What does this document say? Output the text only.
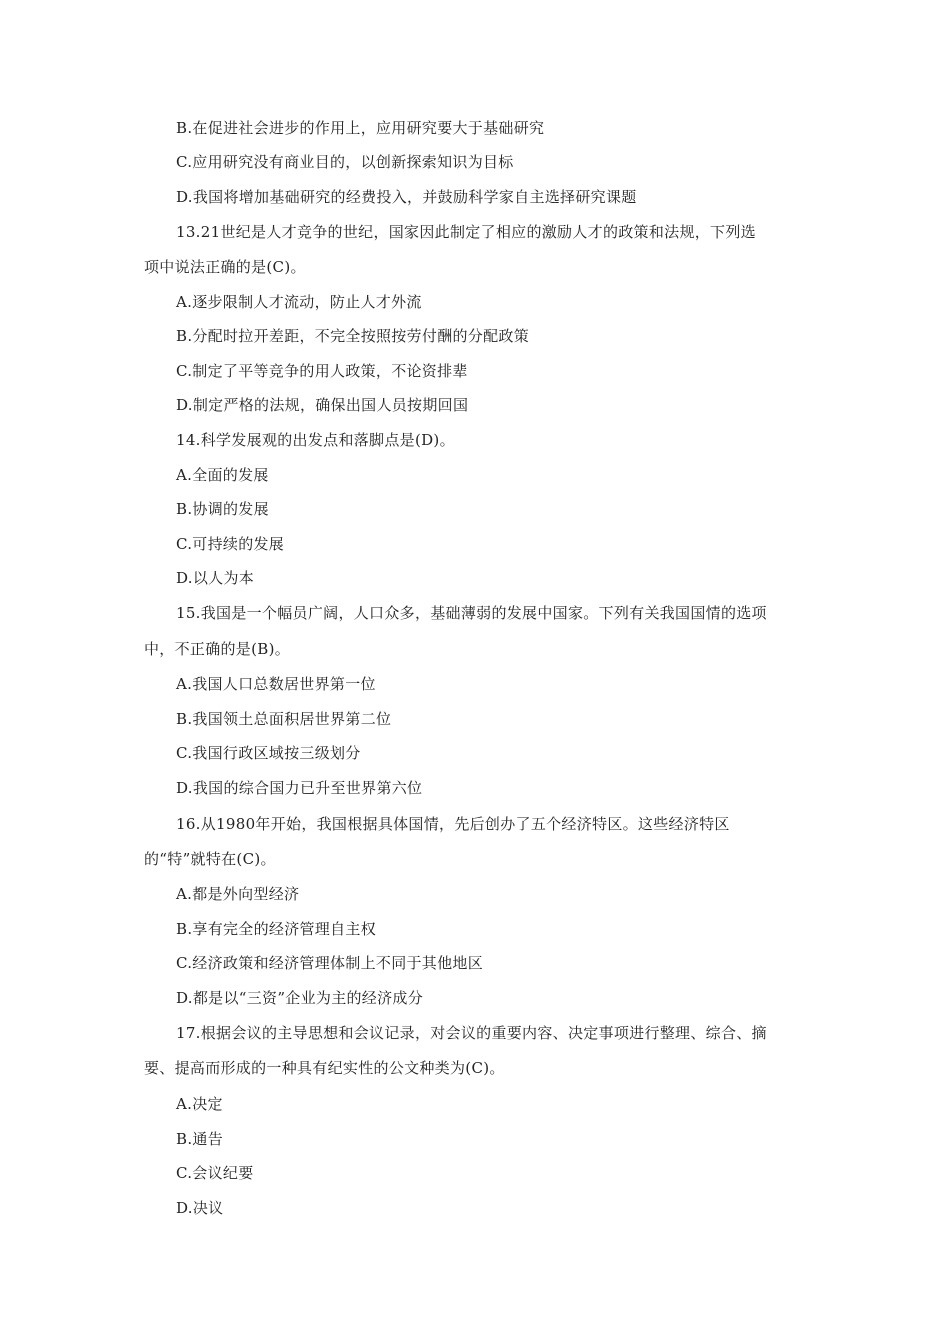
B.在促进社会进步的作用上，应用研究要大于基础研究
C.应用研究没有商业目的，以创新探索知识为目标
D.我国将增加基础研究的经费投入，并鼓励科学家自主选择研究课题
13.21世纪是人才竞争的世纪，国家因此制定了相应的激励人才的政策和法规，下列选
项中说法正确的是(C)。
A.逐步限制人才流动，防止人才外流
B.分配时拉开差距，不完全按照按劳付酬的分配政策
C.制定了平等竞争的用人政策，不论资排辈
D.制定严格的法规，确保出国人员按期回国
14.科学发展观的出发点和落脚点是(D)。
A.全面的发展
B.协调的发展
C.可持续的发展
D.以人为本
15.我国是一个幅员广阔，人口众多，基础薄弱的发展中国家。下列有关我国国情的选项
中，不正确的是(B)。
A.我国人口总数居世界第一位
B.我国领土总面积居世界第二位
C.我国行政区域按三级划分
D.我国的综合国力已升至世界第六位
16.从1980年开始，我国根据具体国情，先后创办了五个经济特区。这些经济特区
的“特”就特在(C)。
A.都是外向型经济
B.享有完全的经济管理自主权
C.经济政策和经济管理体制上不同于其他地区
D.都是以“三资”企业为主的经济成分
17.根据会议的主导思想和会议记录，对会议的重要内容、决定事项进行整理、综合、摘
要、提高而形成的一种具有纪实性的公文种类为(C)。
A.决定
B.通告
C.会议纪要
D.决议
